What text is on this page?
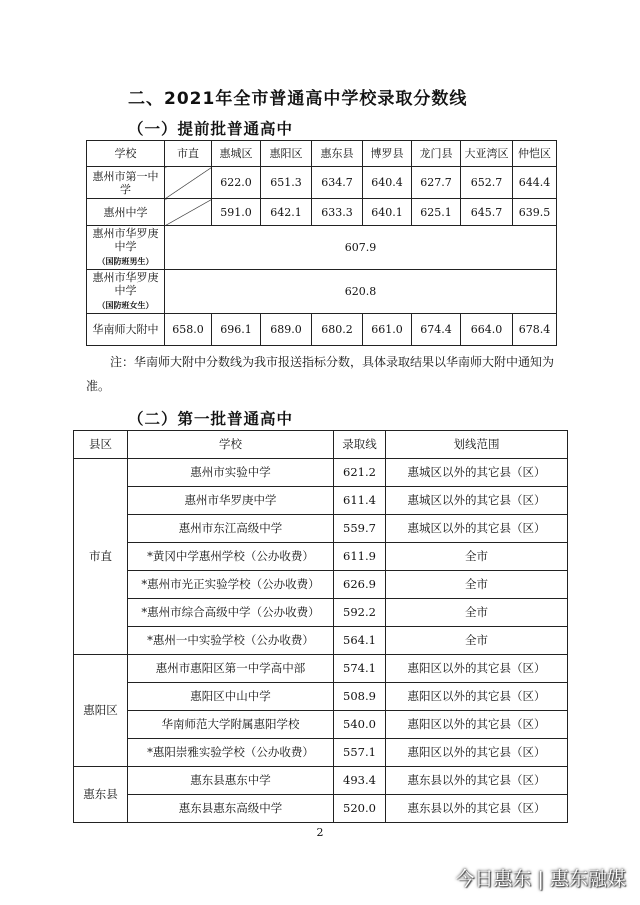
二、2021年全市普通高中学校录取分数线
（一）提前批普通高中
学校	市直	惠城区	惠阳区	惠东县	博罗县	龙门县	大亚湾区	仲恺区
惠州市第一中学		622.0	651.3	634.7	640.4	627.7	652.7	644.4
惠州中学		591.0	642.1	633.3	640.1	625.1	645.7	639.5
惠州市华罗庚中学
（国防班男生）	607.9							
惠州市华罗庚中学
（国防班女生）	620.8							
华南师大附中	658.0	696.1	689.0	680.2	661.0	674.4	664.0	678.4
注：华南师大附中分数线为我市报送指标分数，具体录取结果以华南师大附中通知为准。
（二）第一批普通高中
县区	学校	录取线	划线范围
市直	惠州市实验中学	621.2	惠城区以外的其它县（区）
	惠州市华罗庚中学	611.4	惠城区以外的其它县（区）
	惠州市东江高级中学	559.7	惠城区以外的其它县（区）
	*黄冈中学惠州学校（公办收费）	611.9	全市
	*惠州市光正实验学校（公办收费）	626.9	全市
	*惠州市综合高级中学（公办收费）	592.2	全市
	*惠州一中实验学校（公办收费）	564.1	全市
惠阳区	惠州市惠阳区第一中学高中部	574.1	惠阳区以外的其它县（区）
	惠阳区中山中学	508.9	惠阳区以外的其它县（区）
	华南师范大学附属惠阳学校	540.0	惠阳区以外的其它县（区）
	*惠阳崇雅实验学校（公办收费）	557.1	惠阳区以外的其它县（区）
惠东县	惠东县惠东中学	493.4	惠东县以外的其它县（区）
	惠东县惠东高级中学	520.0	惠东县以外的其它县（区）
2
今日惠东 | 惠东融媒
